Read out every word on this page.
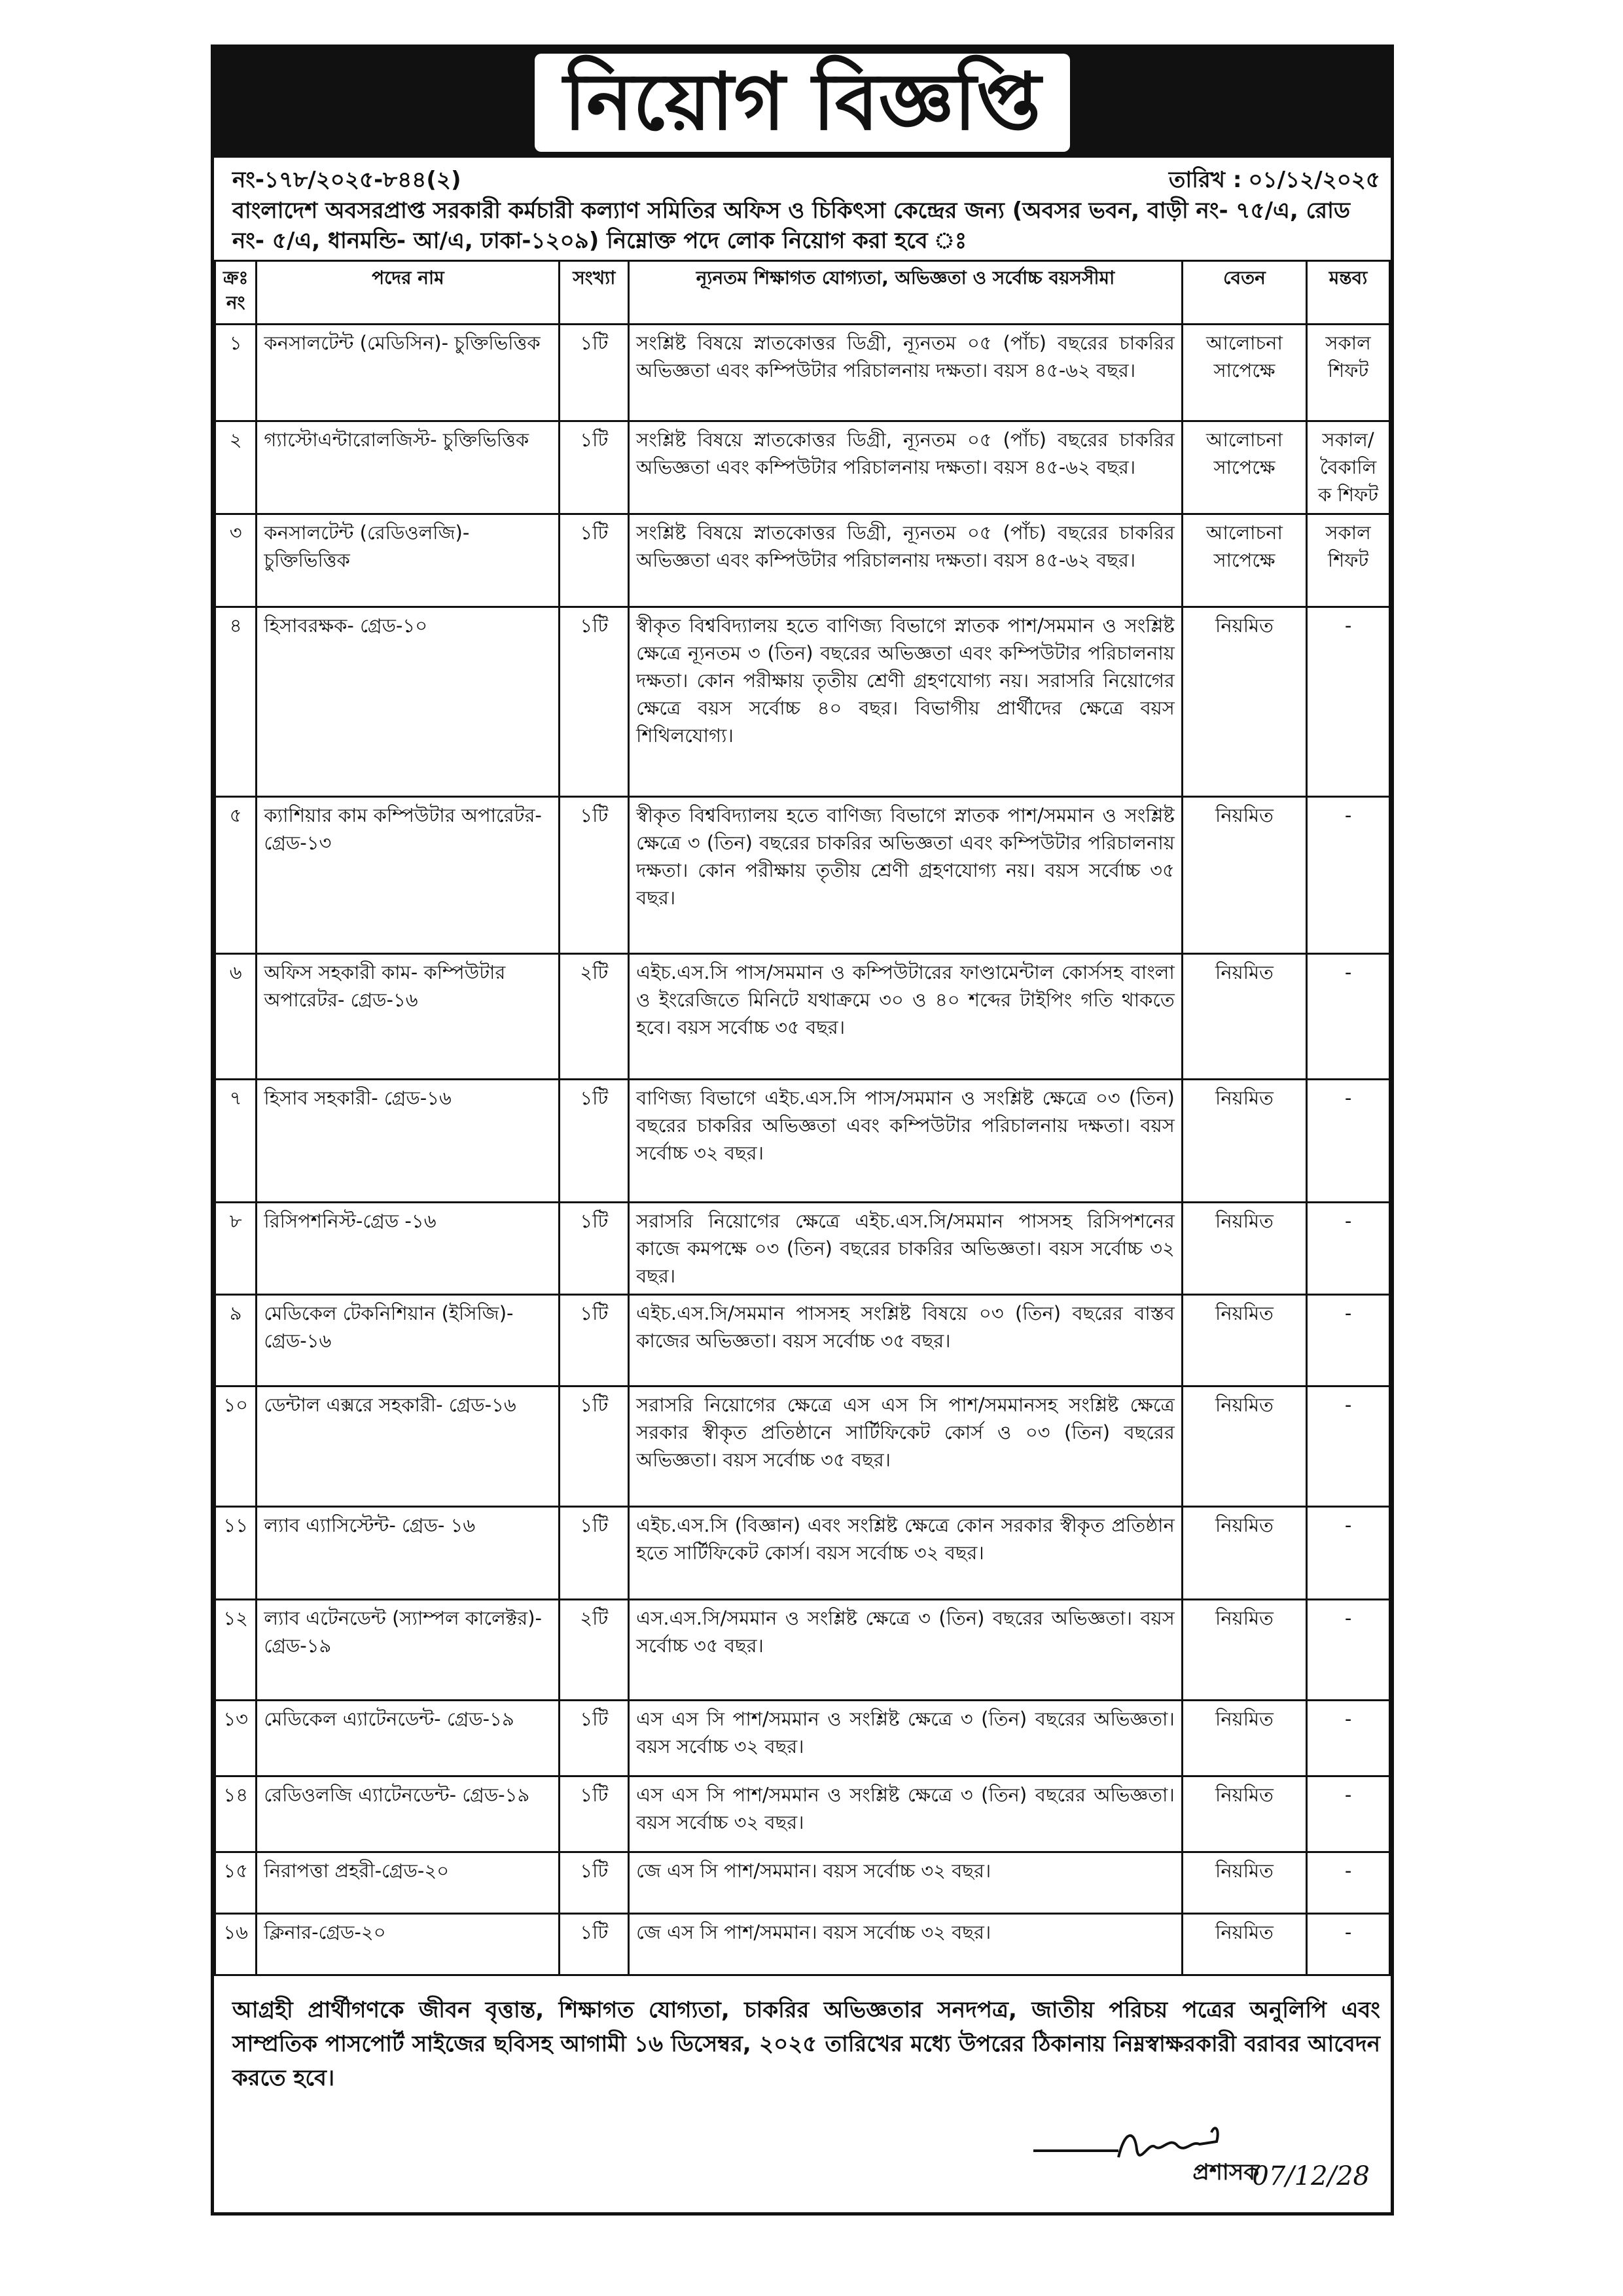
নিয়োগ বিজ্ঞপ্তি
নং-১৭৮/২০২৫-৮৪৪(২)	তারিখ : ০১/১২/২০২৫
বাংলাদেশ অবসরপ্রাপ্ত সরকারী কর্মচারী কল্যাণ সমিতির অফিস ও চিকিৎসা কেন্দ্রের জন্য (অবসর ভবন, বাড়ী নং- ৭৫/এ, রোড নং- ৫/এ, ধানমন্ডি- আ/এ, ঢাকা-১২০৯) নিম্নোক্ত পদে লোক নিয়োগ করা হবে ঃ
ক্রঃ নং	পদের নাম	সংখ্যা	ন্যূনতম শিক্ষাগত যোগ্যতা, অভিজ্ঞতা ও সর্বোচ্চ বয়সসীমা	বেতন	মন্তব্য
১	কনসালটেন্ট (মেডিসিন)- চুক্তিভিত্তিক	১টি	সংশ্লিষ্ট বিষয়ে স্নাতকোত্তর ডিগ্রী, ন্যূনতম ০৫ (পাঁচ) বছরের চাকরির অভিজ্ঞতা এবং কম্পিউটার পরিচালনায় দক্ষতা। বয়স ৪৫-৬২ বছর।	আলোচনা সাপেক্ষে	সকাল শিফট
২	গ্যাস্টোএন্টারোলজিস্ট- চুক্তিভিত্তিক	১টি	সংশ্লিষ্ট বিষয়ে স্নাতকোত্তর ডিগ্রী, ন্যূনতম ০৫ (পাঁচ) বছরের চাকরির অভিজ্ঞতা এবং কম্পিউটার পরিচালনায় দক্ষতা। বয়স ৪৫-৬২ বছর।	আলোচনা সাপেক্ষে	সকাল/ বৈকালিক শিফট
৩	কনসালটেন্ট (রেডিওলজি)- চুক্তিভিত্তিক	১টি	সংশ্লিষ্ট বিষয়ে স্নাতকোত্তর ডিগ্রী, ন্যূনতম ০৫ (পাঁচ) বছরের চাকরির অভিজ্ঞতা এবং কম্পিউটার পরিচালনায় দক্ষতা। বয়স ৪৫-৬২ বছর।	আলোচনা সাপেক্ষে	সকাল শিফট
৪	হিসাবরক্ষক- গ্রেড-১০	১টি	স্বীকৃত বিশ্ববিদ্যালয় হতে বাণিজ্য বিভাগে স্নাতক পাশ/সমমান ও সংশ্লিষ্ট ক্ষেত্রে ন্যূনতম ৩ (তিন) বছরের অভিজ্ঞতা এবং কম্পিউটার পরিচালনায় দক্ষতা। কোন পরীক্ষায় তৃতীয় শ্রেণী গ্রহণযোগ্য নয়। সরাসরি নিয়োগের ক্ষেত্রে বয়স সর্বোচ্চ ৪০ বছর। বিভাগীয় প্রার্থীদের ক্ষেত্রে বয়স শিথিলযোগ্য।	নিয়মিত	-
৫	ক্যাশিয়ার কাম কম্পিউটার অপারেটর- গ্রেড-১৩	১টি	স্বীকৃত বিশ্ববিদ্যালয় হতে বাণিজ্য বিভাগে স্নাতক পাশ/সমমান ও সংশ্লিষ্ট ক্ষেত্রে ৩ (তিন) বছরের চাকরির অভিজ্ঞতা এবং কম্পিউটার পরিচালনায় দক্ষতা। কোন পরীক্ষায় তৃতীয় শ্রেণী গ্রহণযোগ্য নয়। বয়স সর্বোচ্চ ৩৫ বছর।	নিয়মিত	-
৬	অফিস সহকারী কাম- কম্পিউটার অপারেটর- গ্রেড-১৬	২টি	এইচ.এস.সি পাস/সমমান ও কম্পিউটারের ফাণ্ডামেন্টাল কোর্সসহ বাংলা ও ইংরেজিতে মিনিটে যথাক্রমে ৩০ ও ৪০ শব্দের টাইপিং গতি থাকতে হবে। বয়স সর্বোচ্চ ৩৫ বছর।	নিয়মিত	-
৭	হিসাব সহকারী- গ্রেড-১৬	১টি	বাণিজ্য বিভাগে এইচ.এস.সি পাস/সমমান ও সংশ্লিষ্ট ক্ষেত্রে ০৩ (তিন) বছরের চাকরির অভিজ্ঞতা এবং কম্পিউটার পরিচালনায় দক্ষতা। বয়স সর্বোচ্চ ৩২ বছর।	নিয়মিত	-
৮	রিসিপশনিস্ট-গ্রেড -১৬	১টি	সরাসরি নিয়োগের ক্ষেত্রে এইচ.এস.সি/সমমান পাসসহ রিসিপশনের কাজে কমপক্ষে ০৩ (তিন) বছরের চাকরির অভিজ্ঞতা। বয়স সর্বোচ্চ ৩২ বছর।	নিয়মিত	-
৯	মেডিকেল টেকনিশিয়ান (ইসিজি)- গ্রেড-১৬	১টি	এইচ.এস.সি/সমমান পাসসহ সংশ্লিষ্ট বিষয়ে ০৩ (তিন) বছরের বাস্তব কাজের অভিজ্ঞতা। বয়স সর্বোচ্চ ৩৫ বছর।	নিয়মিত	-
১০	ডেন্টাল এক্সরে সহকারী- গ্রেড-১৬	১টি	সরাসরি নিয়োগের ক্ষেত্রে এস এস সি পাশ/সমমানসহ সংশ্লিষ্ট ক্ষেত্রে সরকার স্বীকৃত প্রতিষ্ঠানে সার্টিফিকেট কোর্স ও ০৩ (তিন) বছরের অভিজ্ঞতা। বয়স সর্বোচ্চ ৩৫ বছর।	নিয়মিত	-
১১	ল্যাব এ্যাসিস্টেন্ট- গ্রেড- ১৬	১টি	এইচ.এস.সি (বিজ্ঞান) এবং সংশ্লিষ্ট ক্ষেত্রে কোন সরকার স্বীকৃত প্রতিষ্ঠান হতে সার্টিফিকেট কোর্স। বয়স সর্বোচ্চ ৩২ বছর।	নিয়মিত	-
১২	ল্যাব এটেনডেন্ট (স্যাম্পল কালেক্টর)-গ্রেড-১৯	২টি	এস.এস.সি/সমমান ও সংশ্লিষ্ট ক্ষেত্রে ৩ (তিন) বছরের অভিজ্ঞতা। বয়স সর্বোচ্চ ৩৫ বছর।	নিয়মিত	-
১৩	মেডিকেল এ্যাটেনডেন্ট- গ্রেড-১৯	১টি	এস এস সি পাশ/সমমান ও সংশ্লিষ্ট ক্ষেত্রে ৩ (তিন) বছরের অভিজ্ঞতা। বয়স সর্বোচ্চ ৩২ বছর।	নিয়মিত	-
১৪	রেডিওলজি এ্যাটেনডেন্ট- গ্রেড-১৯	১টি	এস এস সি পাশ/সমমান ও সংশ্লিষ্ট ক্ষেত্রে ৩ (তিন) বছরের অভিজ্ঞতা। বয়স সর্বোচ্চ ৩২ বছর।	নিয়মিত	-
১৫	নিরাপত্তা প্রহরী-গ্রেড-২০	১টি	জে এস সি পাশ/সমমান। বয়স সর্বোচ্চ ৩২ বছর।	নিয়মিত	-
১৬	ক্লিনার-গ্রেড-২০	১টি	জে এস সি পাশ/সমমান। বয়স সর্বোচ্চ ৩২ বছর।	নিয়মিত	-
আগ্রহী প্রার্থীগণকে জীবন বৃত্তান্ত, শিক্ষাগত যোগ্যতা, চাকরির অভিজ্ঞতার সনদপত্র, জাতীয় পরিচয় পত্রের অনুলিপি এবং সাম্প্রতিক পাসপোর্ট সাইজের ছবিসহ আগামী ১৬ ডিসেম্বর, ২০২৫ তারিখের মধ্যে উপরের ঠিকানায় নিম্নস্বাক্ষরকারী বরাবর আবেদন করতে হবে।
প্রশাসক
07/12/28
